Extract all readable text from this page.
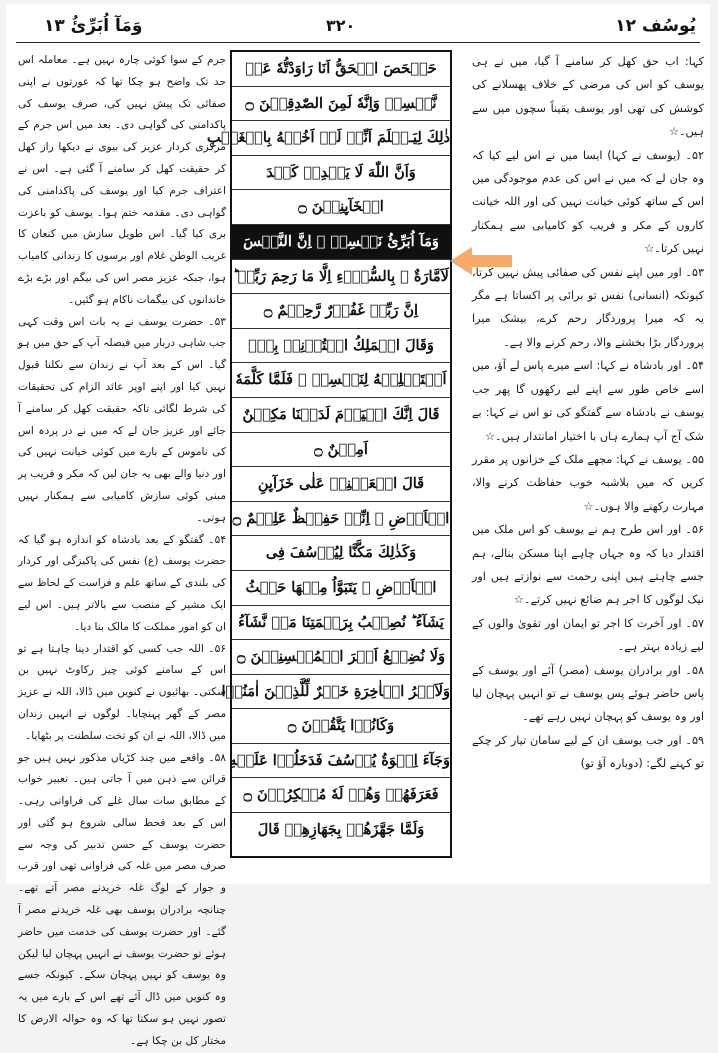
یُوسُف ۱۲
۳۲۰
وَمَآ اُبَرِّئُ ۱۳

کہا: اب حق کھل کر سامنے آ گیا، میں نے ہی یوسف کو اس کی مرضی کے خلاف پھسلانے کی کوشش کی تھی اور یوسف یقیناً سچوں میں سے ہیں۔☆

۵۲۔ (یوسف نے کہا) ایسا میں نے اس لیے کیا کہ وہ جان لے کہ میں نے اس کی عدم موجودگی میں اس کے ساتھ کوئی خیانت نہیں کی اور اللہ خیانت کاروں کے مکر و فریب کو کامیابی سے ہمکنار نہیں کرتا۔☆

۵۳۔ اور میں اپنے نفس کی صفائی پیش نہیں کرتا، کیونکہ (انسانی) نفس تو برائی پر اکساتا ہے مگر یہ کہ میرا پروردگار رحم کرے، بیشک میرا پروردگار بڑا بخشنے والا، رحم کرنے والا ہے۔

۵۴۔ اور بادشاہ نے کہا: اسے میرے پاس لے آؤ، میں اسے خاص طور سے اپنے لیے رکھوں گا پھر جب یوسف نے بادشاہ سے گفتگو کی تو اس نے کہا: بے شک آج آپ ہمارے ہاں با اختیار امانتدار ہیں۔☆

۵۵۔ یوسف نے کہا: مجھے ملک کے خزانوں پر مقرر کریں کہ میں بلاشبہ خوب حفاظت کرنے والا، مہارت رکھنے والا ہوں۔☆

۵۶۔ اور اس طرح ہم نے یوسف کو اس ملک میں اقتدار دیا کہ وہ جہاں چاہے اپنا مسکن بنالے، ہم جسے چاہتے ہیں اپنی رحمت سے نوازتے ہیں اور نیک لوگوں کا اجر ہم ضائع نہیں کرتے۔☆

۵۷۔ اور آخرت کا اجر تو ایمان اور تقویٰ والوں کے لیے زیادہ بہتر ہے۔

۵۸۔ اور برادران یوسف (مصر) آئے اور یوسف کے پاس حاضر ہوئے پس یوسف نے تو انہیں پہچان لیا اور وہ یوسف کو پہچان نہیں رہے تھے۔

۵۹۔ اور جب یوسف ان کے لیے سامان تیار کر چکے تو کہنے لگے: (دوبارہ آؤ تو)

حَصۡحَصَ الۡحَقُّ اَنَا رَاوَدْتُّهٗ عَنۡ
نَّفۡسِهٖ وَاِنَّهٗ لَمِنَ الصّٰدِقِيۡنَ ۝
ذٰلِكَ لِيَـعۡلَمَ اَنِّىۡ لَمۡ اَخُنۡهُ بِالۡغَيۡبِ
وَاَنَّ اللّٰهَ لَا يَهۡدِىۡ كَيۡدَ
الۡخَآٮِٕنِيۡنَ ۝
وَمَآ اُبَرِّئُ نَفۡسِىۡ ۚ اِنَّ النَّفۡسَ
لَاَمَّارَةٌ ۢ بِالسُّوۡٓءِ اِلَّا مَا رَحِمَ رَبِّىۡ ؕ
اِنَّ رَبِّىۡ غَفُوۡرٌ رَّحِيۡمٌ ۝
وَقَالَ الۡمَلِكُ ائۡتُوۡنِىۡ بِهٖۤ
اَسۡتَخۡلِصۡهُ لِنَفۡسِىۡ ۚ فَلَمَّا كَلَّمَهٗ
قَالَ اِنَّكَ الۡيَوۡمَ لَدَيۡنَا مَكِيۡنٌ
اَمِيۡنٌ ۝
قَالَ اجۡعَلۡنِىۡ عَلٰى خَزَآٮِٕنِ
الۡاَرۡضِ ۚ اِنِّىۡ حَفِيۡظٌ عَلِيۡمٌ ۝
وَكَذٰلِكَ مَكَّنَّا لِيُوۡسُفَ فِى
الۡاَرۡضِ ۚ يَتَبَوَّاُ مِنۡهَا حَيۡثُ
يَشَآءُ ؕ نُصِيۡبُ بِرَحۡمَتِنَا مَنۡ نَّشَآءُ
وَلَا نُضِيۡعُ اَجۡرَ الۡمُحۡسِنِيۡنَ ۝
وَلَاَجۡرُ الۡاٰخِرَةِ خَيۡرٌ لِّلَّذِيۡنَ اٰمَنُوۡا
وَكَانُوۡا يَتَّقُوۡنَ ۝
وَجَآءَ اِخۡوَةُ يُوۡسُفَ فَدَخَلُوۡا عَلَيۡهِ
فَعَرَفَهُمۡ وَهُمۡ لَهٗ مُنۡكِرُوۡنَ ۝
وَلَمَّا جَهَّزَهُمۡ بِجَهَازِهِمۡ قَالَ

جرم کے سوا کوئی چارہ نہیں ہے۔ معاملہ اس حد تک واضح ہو چکا تھا کہ عورتوں نے اپنی صفائی تک پیش نہیں کی، صرف یوسف کی پاکدامنی کی گواہی دی۔ بعد میں اس جرم کے مرکزی کردار عزیز کی بیوی نے دیکھا راز کھل کر حقیقت کھل کر سامنے آ گئی ہے۔ اس نے اعتراف جرم کیا اور یوسف کی پاکدامنی کی گواہی دی۔ مقدمہ ختم ہوا۔ یوسف کو باعزت بری کیا گیا۔ اس طویل سازش میں کنعان کا غریب الوطن غلام اور برسوں کا زندانی کامیاب ہوا، جبکہ عزیز مصر اس کی بیگم اور بڑے بڑے خاندانوں کی بیگمات ناکام ہو گئیں۔

۵۳۔ حضرت یوسف نے یہ بات اس وقت کہی جب شاہی دربار میں فیصلہ آپ کے حق میں ہو گیا۔ اس کے بعد آپ نے زندان سے نکلنا قبول نہیں کیا اور اپنے اوپر عائد الزام کی تحقیقات کی شرط لگائی تاکہ حقیقت کھل کر سامنے آ جائے اور عزیز جان لے کہ میں نے در پردہ اس کی ناموس کے بارے میں کوئی خیانت نہیں کی اور دنیا والے بھی یہ جان لیں کہ مکر و فریب پر مبنی کوئی سازش کامیابی سے ہمکنار نہیں ہوتی۔

۵۴۔ گفتگو کے بعد بادشاہ کو اندازہ ہو گیا کہ حضرت یوسف (ع) نفس کی پاکیزگی اور کردار کی بلندی کے ساتھ علم و فراست کے لحاظ سے ایک مشیر کے منصب سے بالاتر ہیں۔ اس لیے ان کو امور مملکت کا مالک بنا دیا۔

۵۶۔ اللہ جب کسی کو اقتدار دینا چاہتا ہے تو اس کے سامنے کوئی چیز رکاوٹ نہیں بن سکتی۔ بھائیوں نے کنویں میں ڈالا، اللہ نے عزیز مصر کے گھر پہنچایا۔ لوگوں نے انہیں زندان میں ڈالا، اللہ نے ان کو تخت سلطنت پر بٹھایا۔

۵۸۔ واقعے میں چند کڑیاں مذکور نہیں ہیں جو قرائن سے ذہن میں آ جاتی ہیں۔ تعبیر خواب کے مطابق سات سال غلے کی فراوانی رہی۔ اس کے بعد قحط سالی شروع ہو گئی اور حضرت یوسف کے حسن تدبیر کی وجہ سے صرف مصر میں غلہ کی فراوانی تھی اور قرب و جوار کے لوگ غلہ خریدنے مصر آتے تھے۔ چنانچہ برادران یوسف بھی غلہ خریدنے مصر آ گئے۔ اور حضرت یوسف کی خدمت میں حاضر ہوئے تو حضرت یوسف نے انہیں پہچان لیا لیکن وہ یوسف کو نہیں پہچان سکے۔ کیونکہ جسے وہ کنویں میں ڈال آئے تھے اس کے بارے میں یہ تصور نہیں ہو سکتا تھا کہ وہ حوالہ الارض کا مختار کل بن چکا ہے۔
